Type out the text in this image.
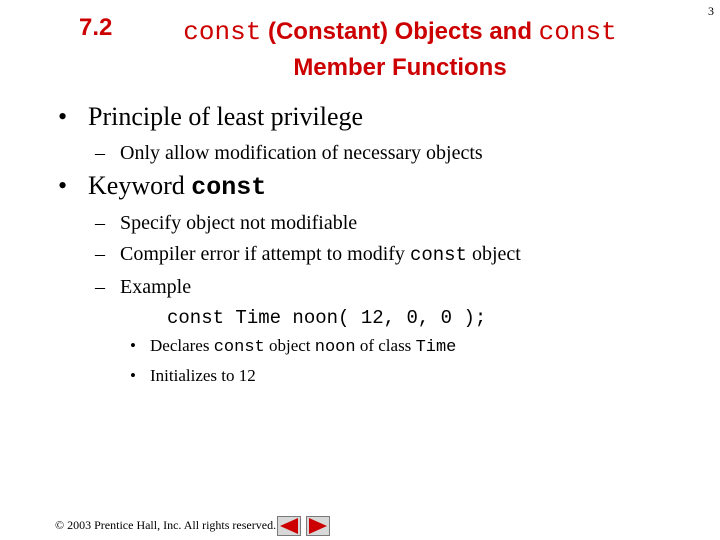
7.2	const (Constant) Objects and const
Member Functions
3
• Principle of least privilege
– Only allow modification of necessary objects
• Keyword const
– Specify object not modifiable
– Compiler error if attempt to modify const object
– Example
const Time noon( 12, 0, 0 );
• Declares const object noon of class Time
• Initializes to 12
© 2003 Prentice Hall, Inc. All rights reserved.
